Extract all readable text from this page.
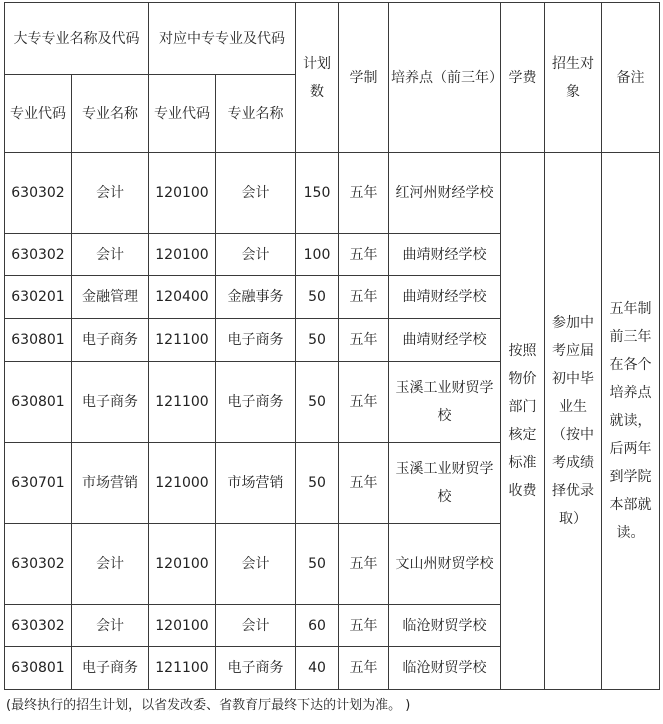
大专专业名称及代码		对应中专专业及代码		计划数	学制	培养点（前三年）	学费	招生对象	备注
专业代码	专业名称	专业代码	专业名称						
630302	会计	120100	会计	150	五年	红河州财经学校	按照物价部门核定标准收费	参加中考应届初中毕业生（按中考成绩择优录取）	五年制前三年在各个培养点就读，后两年到学院本部就读。
630302	会计	120100	会计	100	五年	曲靖财经学校			
630201	金融管理	120400	金融事务	50	五年	曲靖财经学校			
630801	电子商务	121100	电子商务	50	五年	曲靖财经学校			
630801	电子商务	121100	电子商务	50	五年	玉溪工业财贸学校			
630701	市场营销	121000	市场营销	50	五年	玉溪工业财贸学校			
630302	会计	120100	会计	50	五年	文山州财贸学校			
630302	会计	120100	会计	60	五年	临沧财贸学校			
630801	电子商务	121100	电子商务	40	五年	临沧财贸学校			
(最终执行的招生计划，以省发改委、省教育厅最终下达的计划为准。 )
